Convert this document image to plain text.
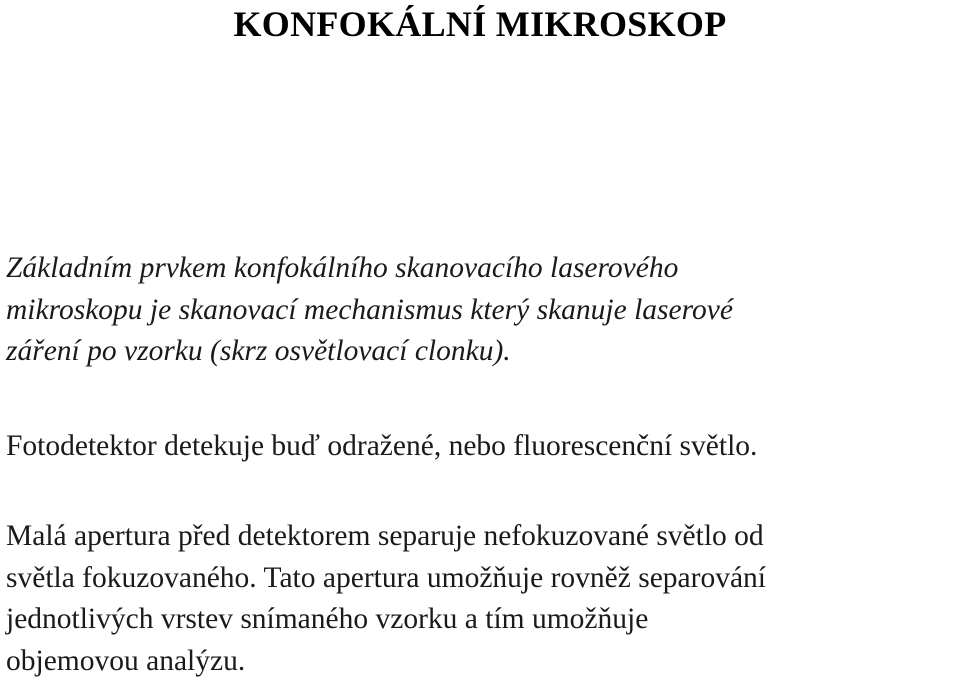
KONFOKÁLNÍ MIKROSKOP

Základním prvkem konfokálního skanovacího laserového
mikroskopu je skanovací mechanismus který skanuje laserové
záření po vzorku (skrz osvětlovací clonku).

Fotodetektor detekuje buď odražené, nebo fluorescenční světlo.

Malá apertura před detektorem separuje nefokuzované světlo od
světla fokuzovaného. Tato apertura umožňuje rovněž separování
jednotlivých vrstev snímaného vzorku a tím umožňuje
objemovou analýzu.
